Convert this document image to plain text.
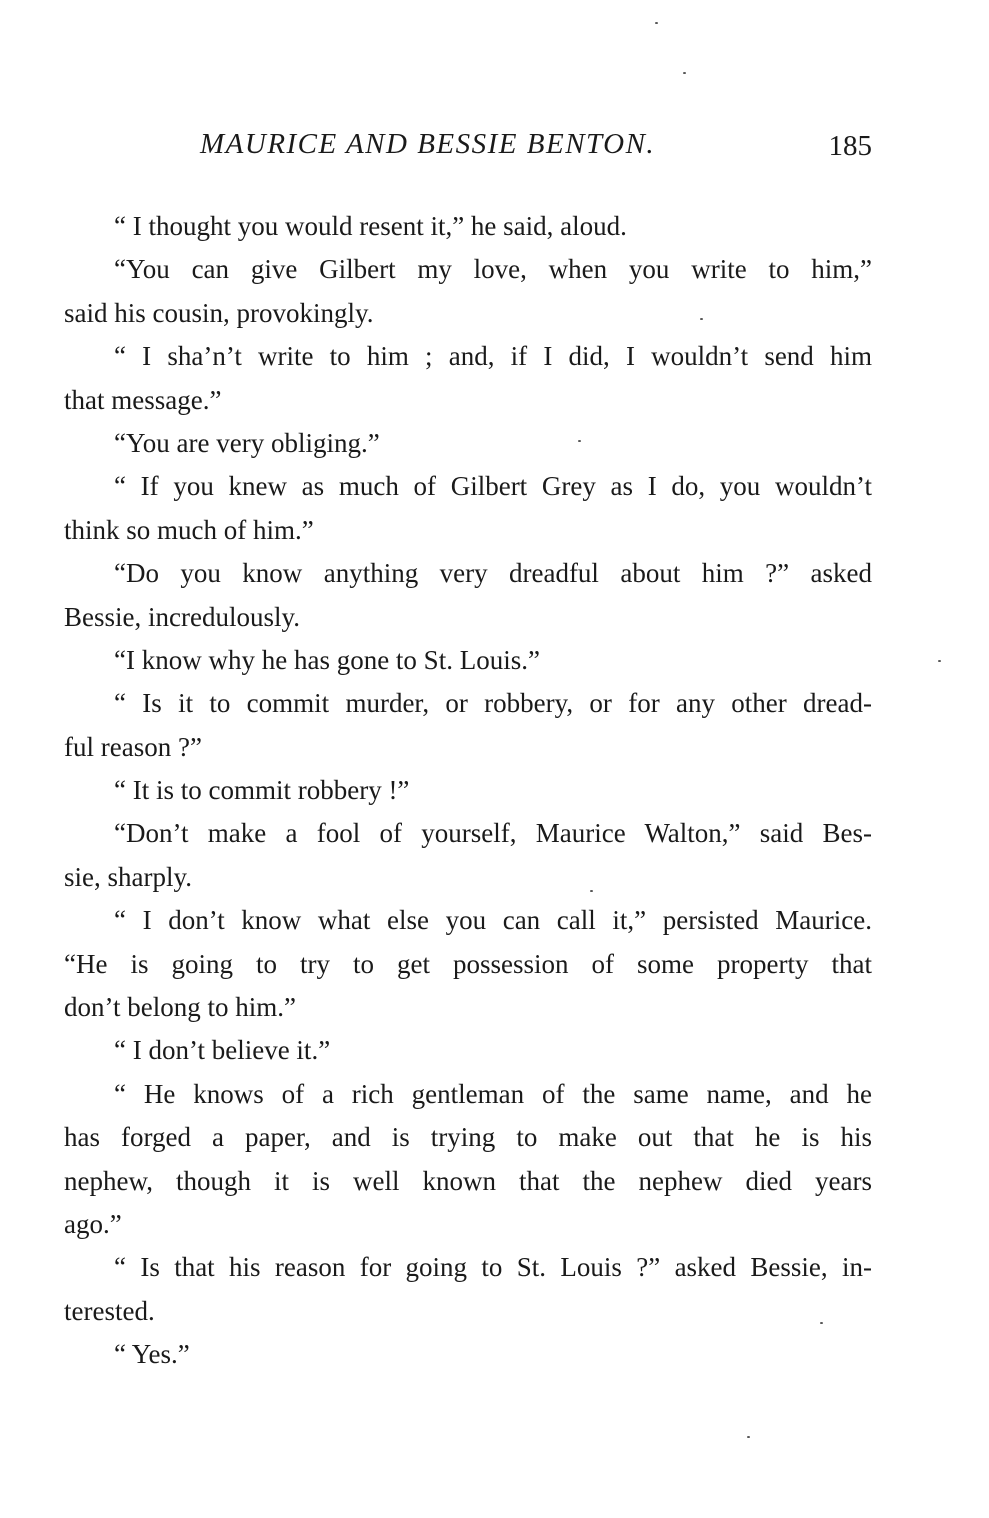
MAURICE AND BESSIE BENTON.	185
“ I thought you would resent it,” he said, aloud.
“You can give Gilbert my love, when you write to him,”
said his cousin, provokingly.
“ I sha’n’t write to him ; and, if I did, I wouldn’t send him
that message.”
“You are very obliging.”
“ If you knew as much of Gilbert Grey as I do, you wouldn’t
think so much of him.”
“Do you know anything very dreadful about him ?” asked
Bessie, incredulously.
“I know why he has gone to St. Louis.”
“ Is it to commit murder, or robbery, or for any other dread-
ful reason ?”
“ It is to commit robbery !”
“Don’t make a fool of yourself, Maurice Walton,” said Bes-
sie, sharply.
“ I don’t know what else you can call it,” persisted Maurice.
“He is going to try to get possession of some property that
don’t belong to him.”
“ I don’t believe it.”
“ He knows of a rich gentleman of the same name, and he
has forged a paper, and is trying to make out that he is his
nephew, though it is well known that the nephew died years
ago.”
“ Is that his reason for going to St. Louis ?” asked Bessie, in-
terested.
“ Yes.”
